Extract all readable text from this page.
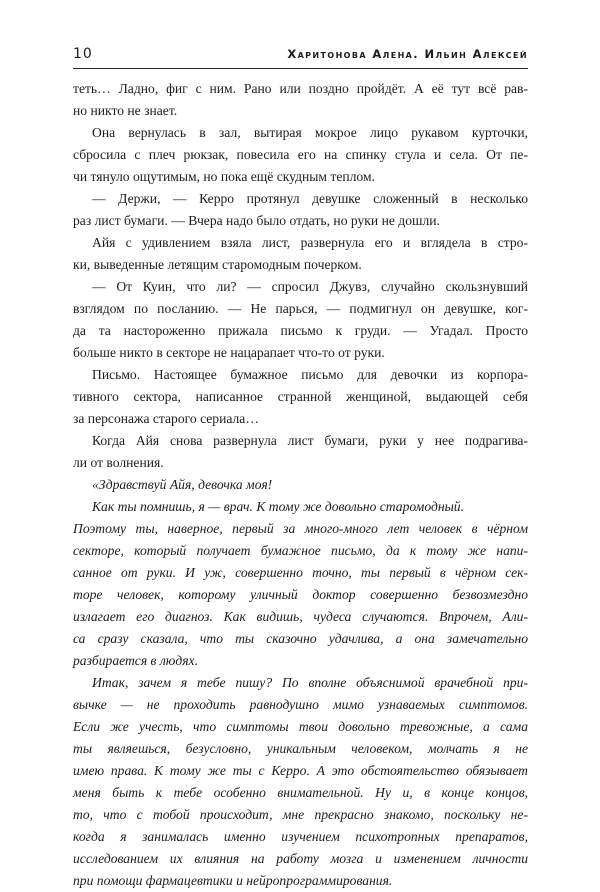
10	Харитонова Алена. Ильин Алексей
теть… Ладно, фиг с ним. Рано или поздно пройдёт. А её тут всё рав-
но никто не знает.
Она вернулась в зал, вытирая мокрое лицо рукавом курточки,
сбросила с плеч рюкзак, повесила его на спинку стула и села. От пе-
чи тянуло ощутимым, но пока ещё скудным теплом.
— Держи, — Керро протянул девушке сложенный в несколько
раз лист бумаги. — Вчера надо было отдать, но руки не дошли.
Айя с удивлением взяла лист, развернула его и вглядела в стро-
ки, выведенные летящим старомодным почерком.
— От Куин, что ли? — спросил Джувз, случайно скользнувший
взглядом по посланию. — Не парься, — подмигнул он девушке, ког-
да та настороженно прижала письмо к груди. — Угадал. Просто
больше никто в секторе не нацарапает что-то от руки.
Письмо. Настоящее бумажное письмо для девочки из корпора-
тивного сектора, написанное странной женщиной, выдающей себя
за персонажа старого сериала…
Когда Айя снова развернула лист бумаги, руки у нее подрагива-
ли от волнения.
«Здравствуй Айя, девочка моя!
Как ты помнишь, я — врач. К тому же довольно старомодный.
Поэтому ты, наверное, первый за много-много лет человек в чёрном
секторе, который получает бумажное письмо, да к тому же напи-
санное от руки. И уж, совершенно точно, ты первый в чёрном сек-
торе человек, которому уличный доктор совершенно безвозмездно
излагает его диагноз. Как видишь, чудеса случаются. Впрочем, Али-
са сразу сказала, что ты сказочно удачлива, а она замечательно
разбирается в людях.
Итак, зачем я тебе пишу? По вполне объяснимой врачебной при-
вычке — не проходить равнодушно мимо узнаваемых симптомов.
Если же учесть, что симптомы твои довольно тревожные, а сама
ты являешься, безусловно, уникальным человеком, молчать я не
имею права. К тому же ты с Керро. А это обстоятельство обязывает
меня быть к тебе особенно внимательной. Ну и, в конце концов,
то, что с тобой происходит, мне прекрасно знакомо, поскольку не-
когда я занималась именно изучением психотропных препаратов,
исследованием их влияния на работу мозга и изменением личности
при помощи фармацевтики и нейропрограммирования.
